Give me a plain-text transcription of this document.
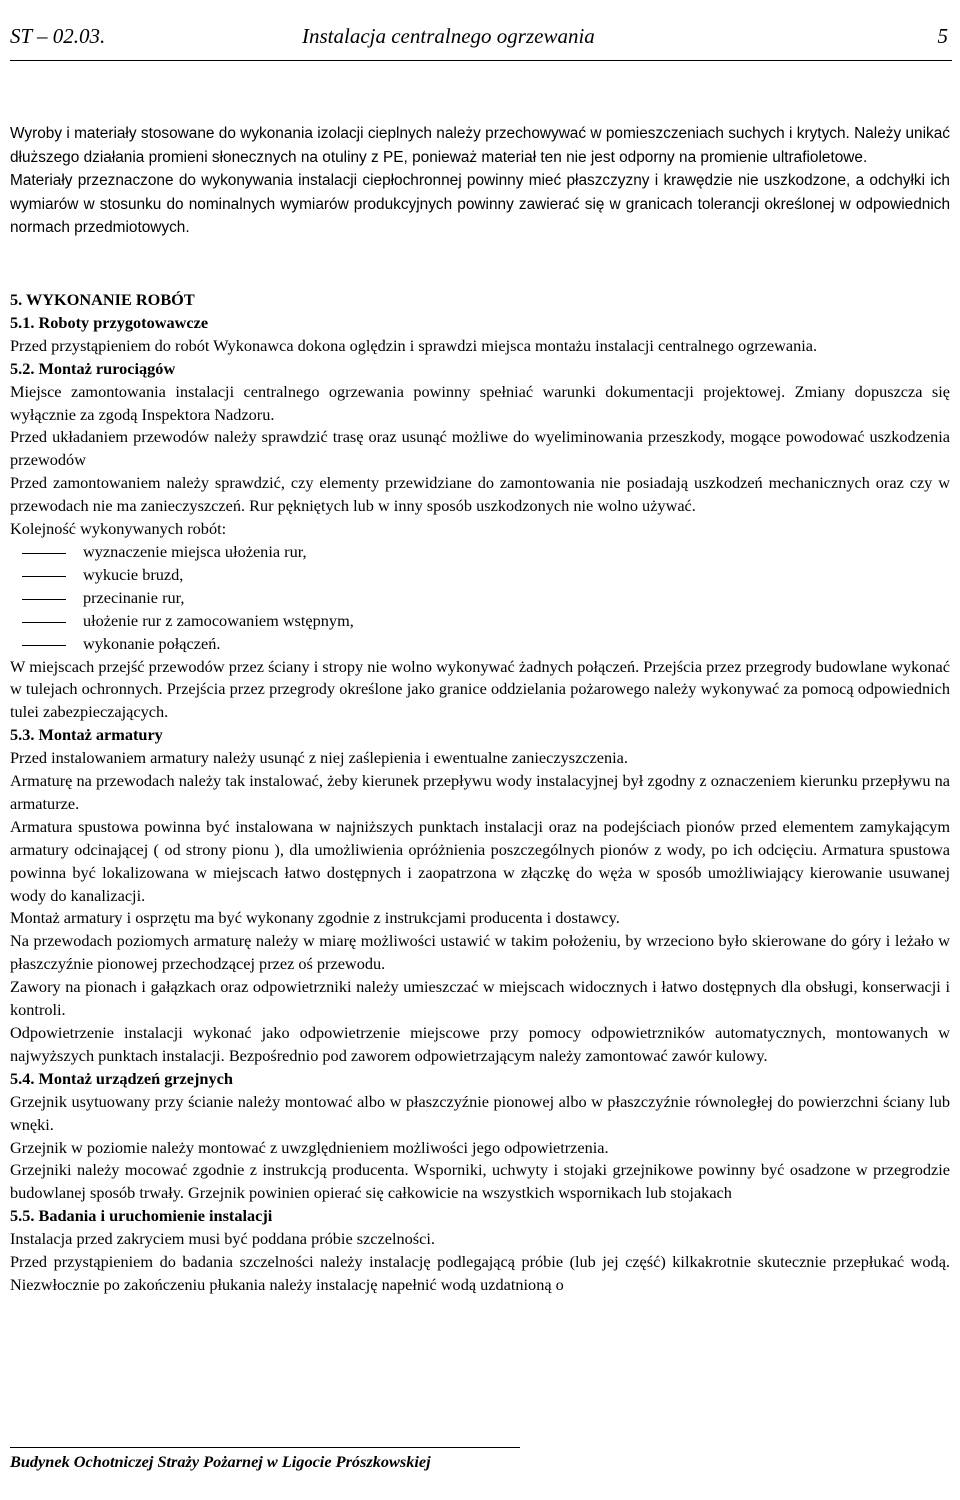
ST – 02.03.	Instalacja centralnego ogrzewania	5

Wyroby i materiały stosowane do wykonania izolacji cieplnych należy przechowywać w pomieszczeniach suchych i krytych. Należy unikać dłuższego działania promieni słonecznych na otuliny z PE, ponieważ materiał ten nie jest odporny na promienie ultrafioletowe.

Materiały przeznaczone do wykonywania instalacji ciepłochronnej powinny mieć płaszczyzny i krawędzie nie uszkodzone, a odchyłki ich wymiarów w stosunku do nominalnych wymiarów produkcyjnych powinny zawierać się w granicach tolerancji określonej w odpowiednich normach przedmiotowych.

5. WYKONANIE ROBÓT
5.1. Roboty przygotowawcze

Przed przystąpieniem do robót Wykonawca dokona oględzin i sprawdzi miejsca montażu instalacji centralnego ogrzewania.

5.2. Montaż rurociągów

Miejsce zamontowania instalacji centralnego ogrzewania powinny spełniać warunki dokumentacji projektowej. Zmiany dopuszcza się wyłącznie za zgodą Inspektora Nadzoru.

Przed układaniem przewodów należy sprawdzić trasę oraz usunąć możliwe do wyeliminowania przeszkody, mogące powodować uszkodzenia przewodów

Przed zamontowaniem należy sprawdzić, czy elementy przewidziane do zamontowania nie posiadają uszkodzeń mechanicznych oraz czy w przewodach nie ma zanieczyszczeń. Rur pękniętych lub w inny sposób uszkodzonych nie wolno używać.

Kolejność wykonywanych robót:

wyznaczenie miejsca ułożenia rur,
wykucie bruzd,
przecinanie rur,
ułożenie rur z zamocowaniem wstępnym,
wykonanie połączeń.

W miejscach przejść przewodów przez ściany i stropy nie wolno wykonywać żadnych połączeń. Przejścia przez przegrody budowlane wykonać w tulejach ochronnych. Przejścia przez przegrody określone jako granice oddzielania pożarowego należy wykonywać za pomocą odpowiednich tulei zabezpieczających.

5.3. Montaż armatury

Przed instalowaniem armatury należy usunąć z niej zaślepienia i ewentualne zanieczyszczenia.

Armaturę na przewodach należy tak instalować, żeby kierunek przepływu wody instalacyjnej był zgodny z oznaczeniem kierunku przepływu na armaturze.

Armatura spustowa powinna być instalowana w najniższych punktach instalacji oraz na podejściach pionów przed elementem zamykającym armatury odcinającej ( od strony pionu ), dla umożliwienia opróżnienia poszczególnych pionów z wody, po ich odcięciu. Armatura spustowa powinna być lokalizowana w miejscach łatwo dostępnych i zaopatrzona w złączkę do węża w sposób umożliwiający kierowanie usuwanej wody do kanalizacji.

Montaż armatury i osprzętu ma być wykonany zgodnie z instrukcjami producenta i dostawcy.

Na przewodach poziomych armaturę należy w miarę możliwości ustawić w takim położeniu, by wrzeciono było skierowane do góry i leżało w płaszczyźnie pionowej przechodzącej przez oś przewodu.

Zawory na pionach i gałązkach oraz odpowietrzniki należy umieszczać w miejscach widocznych i łatwo dostępnych dla obsługi, konserwacji i kontroli.

Odpowietrzenie instalacji wykonać jako odpowietrzenie miejscowe przy pomocy odpowietrzników automatycznych, montowanych w najwyższych punktach instalacji. Bezpośrednio pod zaworem odpowietrzającym należy zamontować zawór kulowy.

5.4. Montaż urządzeń grzejnych

Grzejnik usytuowany przy ścianie należy montować albo w płaszczyźnie pionowej albo w płaszczyźnie równoległej do powierzchni ściany lub wnęki.

Grzejnik w poziomie należy montować z uwzględnieniem możliwości jego odpowietrzenia.

Grzejniki należy mocować zgodnie z instrukcją producenta. Wsporniki, uchwyty i stojaki grzejnikowe powinny być osadzone w przegrodzie budowlanej sposób trwały. Grzejnik powinien opierać się całkowicie na wszystkich wspornikach lub stojakach

5.5. Badania i uruchomienie instalacji

Instalacja przed zakryciem musi być poddana próbie szczelności.

Przed przystąpieniem do badania szczelności należy instalację podlegającą próbie (lub jej część) kilkakrotnie skutecznie przepłukać wodą. Niezwłocznie po zakończeniu płukania należy instalację napełnić wodą uzdatnioną o

Budynek Ochotniczej Straży Pożarnej w Ligocie Prószkowskiej
